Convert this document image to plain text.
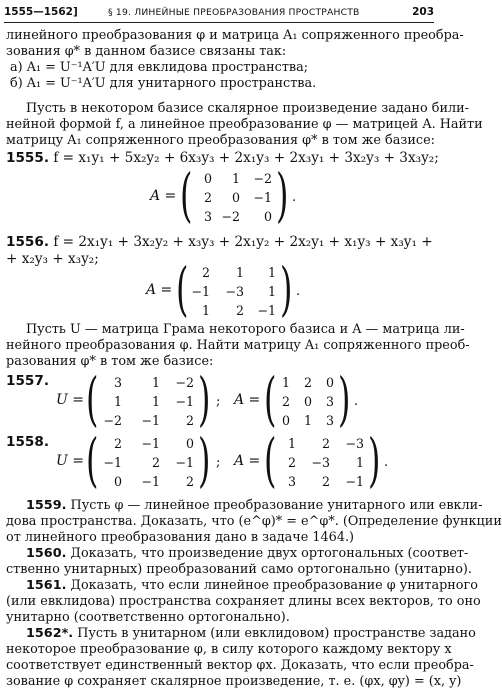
1555—1562]	§ 19. ЛИНЕЙНЫЕ ПРЕОБРАЗОВАНИЯ ПРОСТРАНСТВ	203
линейного преобразования φ и матрица A₁ сопряженного преобра-
зования φ* в данном базисе связаны так:
а) A₁ = U⁻¹A′U для евклидова пространства;
б) A₁ = U⁻¹A′U для унитарного пространства.
Пусть в некотором базисе скалярное произведение задано били-
нейной формой f, а линейное преобразование φ — матрицей A. Найти
матрицу A₁ сопряженного преобразования φ* в том же базисе:
1555. f = x₁y₁ + 5x₂y₂ + 6x₃y₃ + 2x₁y₃ + 2x₃y₁ + 3x₂y₃ + 3x₃y₂;
A = ( 0	1	−2
2	0	−1
3 −2	0 ) .
1556. f = 2x₁y₁ + 3x₂y₂ + x₃y₃ + 2x₁y₂ + 2x₂y₁ + x₁y₃ + x₃y₁ +
+ x₂y₃ + x₃y₂;
A = (	2	1	1
−1	−3	1
1	2	−1 ) .
Пусть U — матрица Грама некоторого базиса и A — матрица ли-
нейного преобразования φ. Найти матрицу A₁ сопряженного преоб-
разования φ* в том же базисе:
1557.
U = (	3	1	−2
1	1	−1
−2	−1	2 ) ; A = ( 1	2	0
2	0	3
0	1	3 ) .
1558.
U = (	2	−1	0
−1	2	−1
0	−1	2 ) ; A = ( 1	2	−3
2	−3	1
3	2	−1 ) .
1559. Пусть φ — линейное преобразование унитарного или евкли-
дова пространства. Доказать, что (e^φ)* = e^φ*. (Определение функции
от линейного преобразования дано в задаче 1464.)
1560. Доказать, что произведение двух ортогональных (соответ-
ственно унитарных) преобразований само ортогонально (унитарно).
1561. Доказать, что если линейное преобразование φ унитарного
(или евклидова) пространства сохраняет длины всех векторов, то оно
унитарно (соответственно ортогонально).
1562*. Пусть в унитарном (или евклидовом) пространстве задано
некоторое преобразование φ, в силу которого каждому вектору x
соответствует единственный вектор φx. Доказать, что если преобра-
зование φ сохраняет скалярное произведение, т. е. (φx, φy) = (x, y)
